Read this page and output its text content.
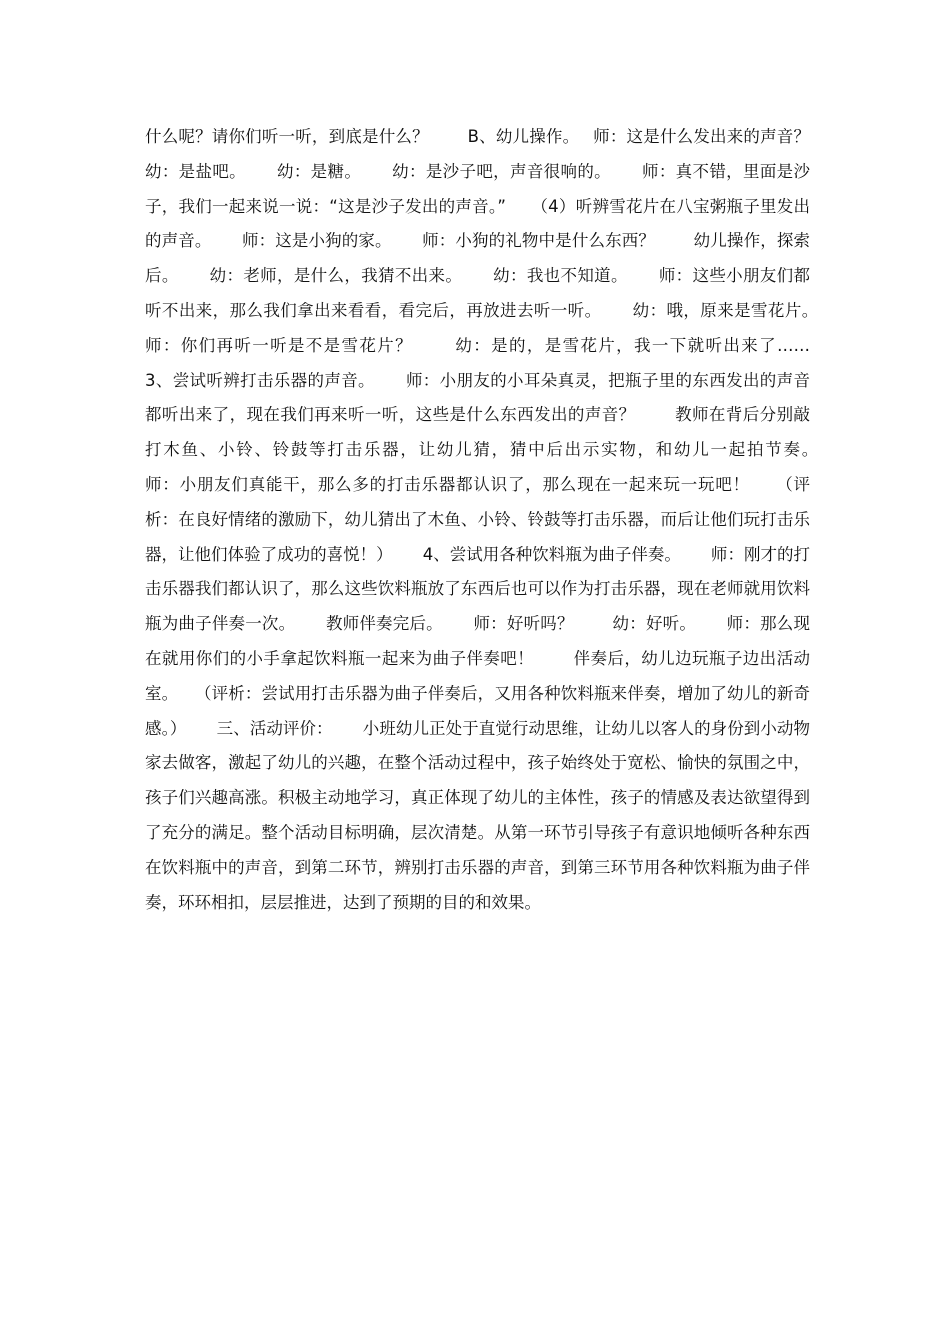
什么呢？请你们听一听，到底是什么？　　 B、幼儿操作。　 师：这是什么发出来的声音？　　 幼：是盐吧。　　 幼：是糖。　　 幼：是沙子吧，声音很响的。　　 师：真不错，里面是沙子，我们一起来说一说：“这是沙子发出的声音。”　　（4）听辨雪花片在八宝粥瓶子里发出的声音。　　 师：这是小狗的家。　　 师：小狗的礼物中是什么东西？　　 幼儿操作，探索后。　　 幼：老师，是什么，我猜不出来。　　 幼：我也不知道。　　 师：这些小朋友们都听不出来，那么我们拿出来看看，看完后，再放进去听一听。　　 幼：哦，原来是雪花片。　　 师：你们再听一听是不是雪花片？　　 幼：是的，是雪花片，我一下就听出来了……　　 3、尝试听辨打击乐器的声音。　　 师：小朋友的小耳朵真灵，把瓶子里的东西发出的声音都听出来了，现在我们再来听一听，这些是什么东西发出的声音？　　 教师在背后分别敲打木鱼、小铃、铃鼓等打击乐器，让幼儿猜，猜中后出示实物，和幼儿一起拍节奏。　　 师：小朋友们真能干，那么多的打击乐器都认识了，那么现在一起来玩一玩吧！　　（评析：在良好情绪的激励下，幼儿猜出了木鱼、小铃、铃鼓等打击乐器，而后让他们玩打击乐器，让他们体验了成功的喜悦！）　　 4、尝试用各种饮料瓶为曲子伴奏。　　 师：刚才的打击乐器我们都认识了，那么这些饮料瓶放了东西后也可以作为打击乐器，现在老师就用饮料瓶为曲子伴奏一次。　　 教师伴奏完后。　　 师：好听吗？　　 幼：好听。　　 师：那么现在就用你们的小手拿起饮料瓶一起来为曲子伴奏吧！　　 伴奏后，幼儿边玩瓶子边出活动室。　　（评析：尝试用打击乐器为曲子伴奏后，又用各种饮料瓶来伴奏，增加了幼儿的新奇感。）　　 三、活动评价：　　 小班幼儿正处于直觉行动思维，让幼儿以客人的身份到小动物家去做客，激起了幼儿的兴趣，在整个活动过程中，孩子始终处于宽松、愉快的氛围之中，孩子们兴趣高涨。积极主动地学习，真正体现了幼儿的主体性，孩子的情感及表达欲望得到了充分的满足。整个活动目标明确，层次清楚。从第一环节引导孩子有意识地倾听各种东西在饮料瓶中的声音，到第二环节，辨别打击乐器的声音，到第三环节用各种饮料瓶为曲子伴奏，环环相扣，层层推进，达到了预期的目的和效果。
